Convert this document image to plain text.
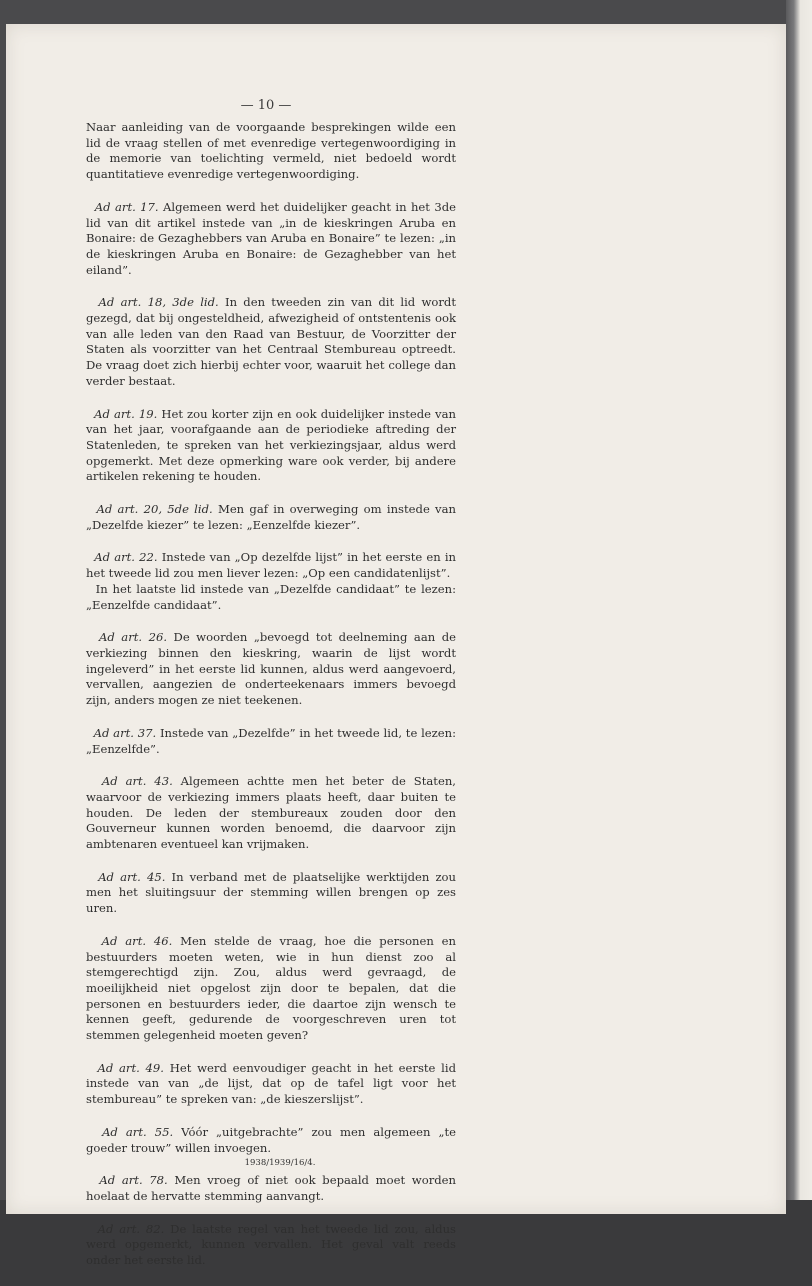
— 10 —

Naar aanleiding van de voorgaande besprekingen wilde een lid de vraag stellen of met evenredige vertegenwoordiging in de memorie van toelichting vermeld, niet bedoeld wordt quantitatieve evenredige vertegenwoordiging.

Ad art. 17. Algemeen werd het duidelijker geacht in het 3de lid van dit artikel instede van „in de kieskringen Aruba en Bonaire: de Gezaghebbers van Aruba en Bonaire” te lezen: „in de kieskringen Aruba en Bonaire: de Gezaghebber van het eiland”.

Ad art. 18, 3de lid. In den tweeden zin van dit lid wordt gezegd, dat bij ongesteldheid, afwezigheid of ontstentenis ook van alle leden van den Raad van Bestuur, de Voorzitter der Staten als voorzitter van het Centraal Stembureau optreedt. De vraag doet zich hierbij echter voor, waaruit het college dan verder bestaat.

Ad art. 19. Het zou korter zijn en ook duidelijker instede van van het jaar, voorafgaande aan de periodieke aftreding der Statenleden, te spreken van het verkiezingsjaar, aldus werd opgemerkt. Met deze opmerking ware ook verder, bij andere artikelen rekening te houden.

Ad art. 20, 5de lid. Men gaf in overweging om instede van „Dezelfde kiezer” te lezen: „Eenzelfde kiezer”.

Ad art. 22. Instede van „Op dezelfde lijst” in het eerste en in het tweede lid zou men liever lezen: „Op een candidatenlijst”.
In het laatste lid instede van „Dezelfde candidaat” te lezen: „Eenzelfde candidaat”.

Ad art. 26. De woorden „bevoegd tot deelneming aan de verkiezing binnen den kieskring, waarin de lijst wordt ingeleverd” in het eerste lid kunnen, aldus werd aangevoerd, vervallen, aangezien de onderteekenaars immers bevoegd zijn, anders mogen ze niet teekenen.

Ad art. 37. Instede van „Dezelfde” in het tweede lid, te lezen: „Eenzelfde”.

Ad art. 43. Algemeen achtte men het beter de Staten, waarvoor de verkiezing immers plaats heeft, daar buiten te houden. De leden der stembureaux zouden door den Gouverneur kunnen worden benoemd, die daarvoor zijn ambtenaren eventueel kan vrijmaken.

Ad art. 45. In verband met de plaatselijke werktijden zou men het sluitingsuur der stemming willen brengen op zes uren.

Ad art. 46. Men stelde de vraag, hoe die personen en bestuurders moeten weten, wie in hun dienst zoo al stemgerechtigd zijn. Zou, aldus werd gevraagd, de moeilijkheid niet opgelost zijn door te bepalen, dat die personen en bestuurders ieder, die daartoe zijn wensch te kennen geeft, gedurende de voorgeschreven uren tot stemmen gelegenheid moeten geven?

Ad art. 49. Het werd eenvoudiger geacht in het eerste lid instede van van „de lijst, dat op de tafel ligt voor het stembureau” te spreken van: „de kieszerslijst”.

Ad art. 55. Vóór „uitgebrachte” zou men algemeen „te goeder trouw” willen invoegen.

Ad art. 78. Men vroeg of niet ook bepaald moet worden hoelaat de hervatte stemming aanvangt.

Ad art. 82. De laatste regel van het tweede lid zou, aldus werd opgemerkt, kunnen vervallen. Het geval valt reeds onder het eerste lid.

1938/1939/16/4.
